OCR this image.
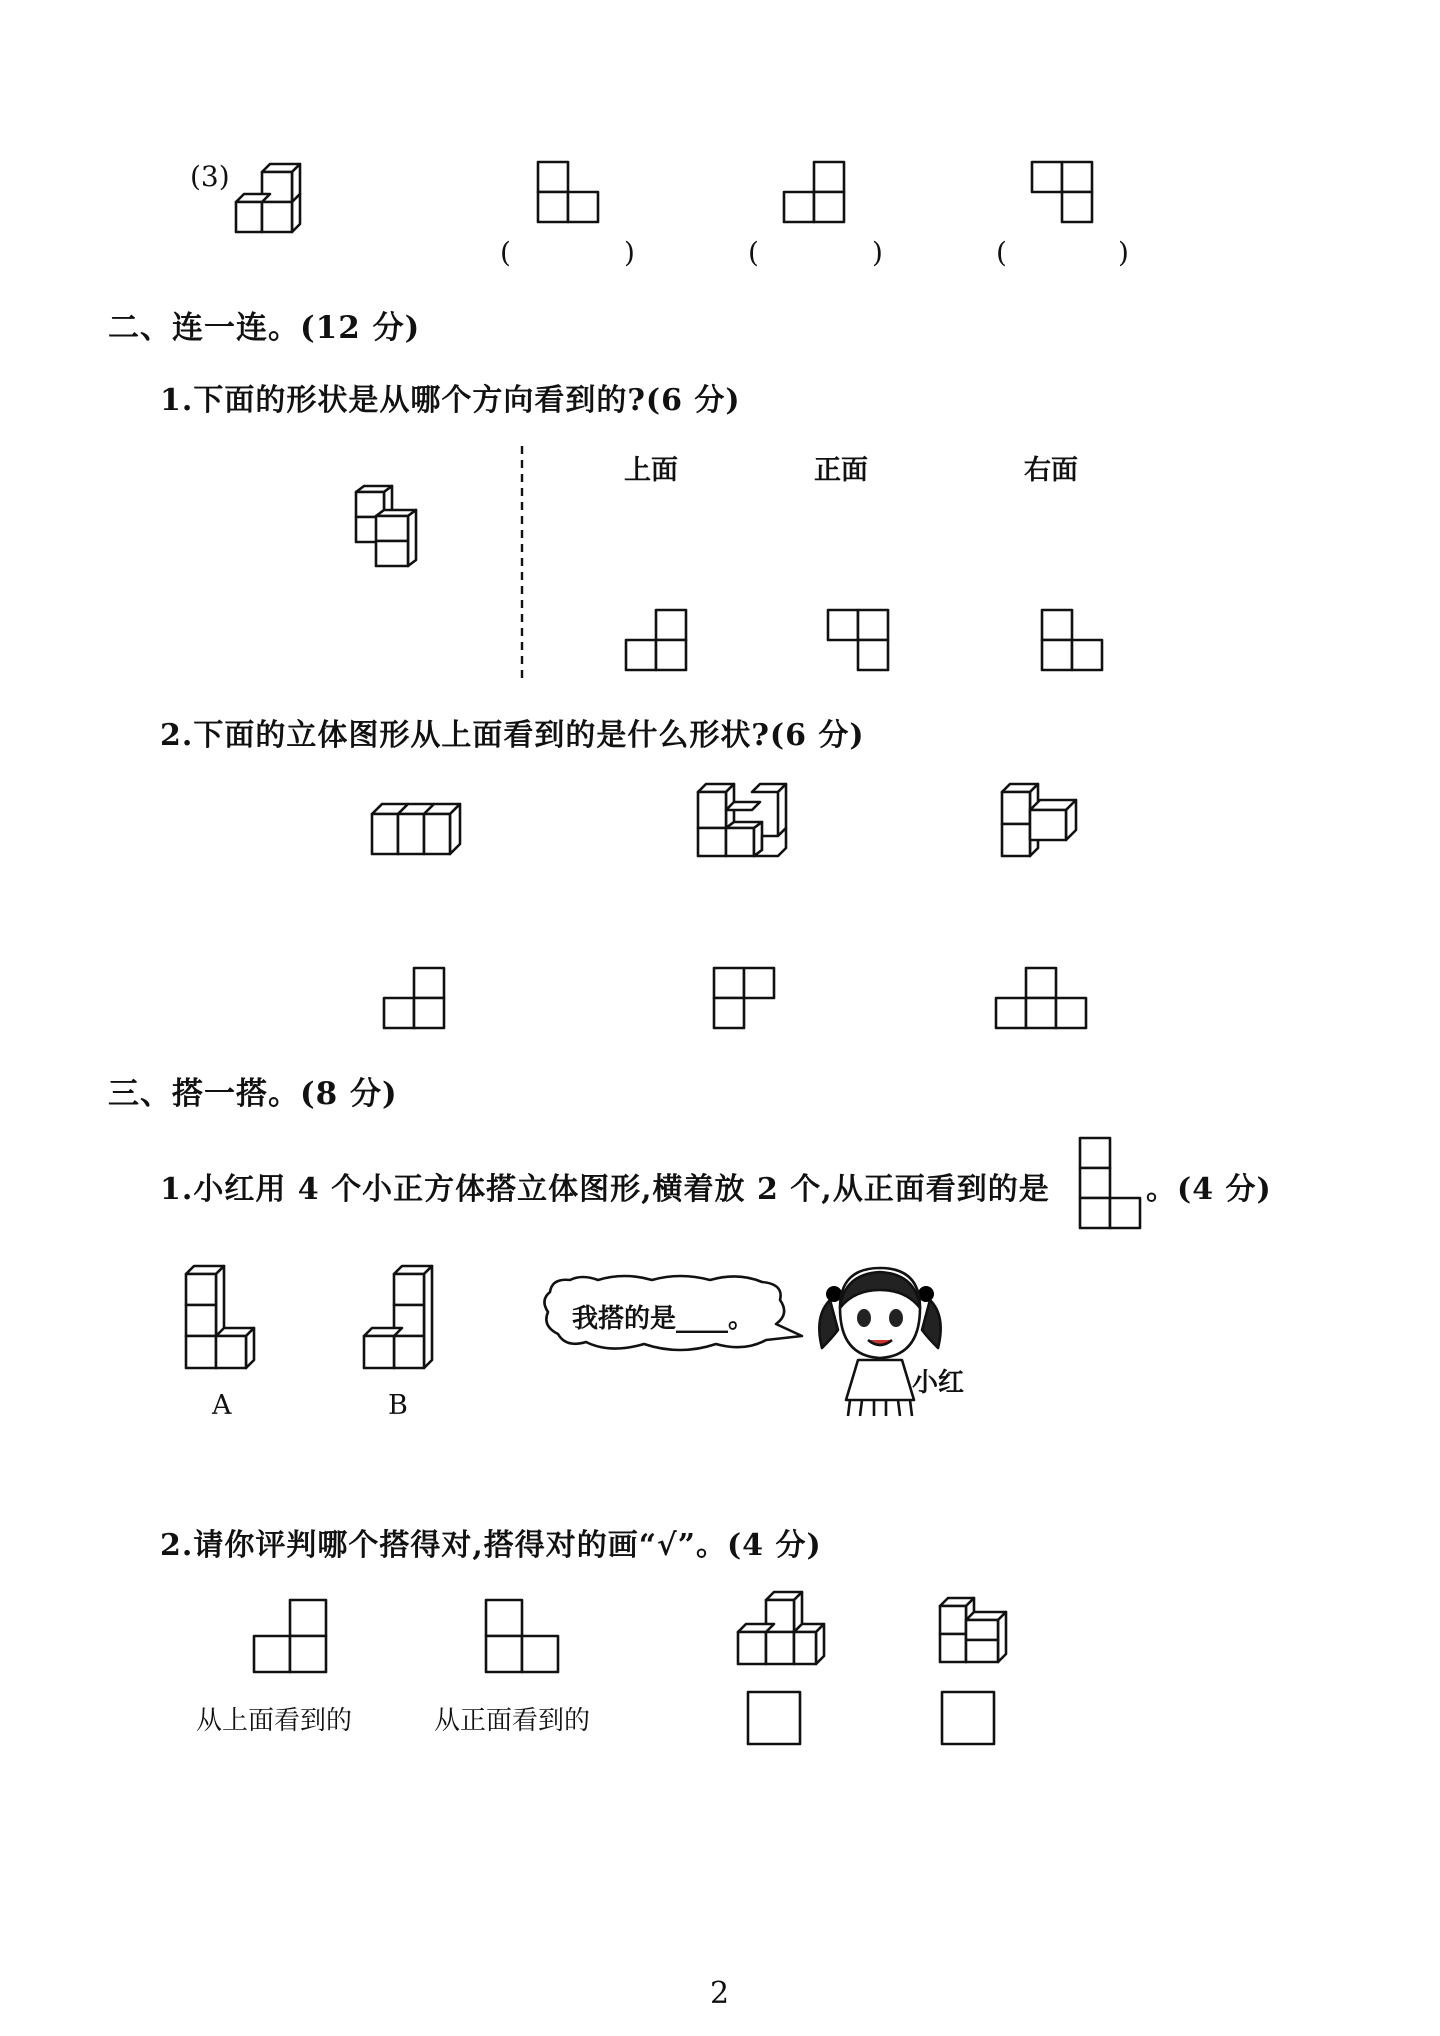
(3)
(	)	(	)	(	)
二、连一连。(12 分)
1.下面的形状是从哪个方向看到的?(6 分)
上面	正面	右面
2.下面的立体图形从上面看到的是什么形状?(6 分)
三、搭一搭。(8 分)
1.小红用 4 个小正方体搭立体图形,横着放 2 个,从正面看到的是	。(4 分)
A	B
我搭的是____。
小红
2.请你评判哪个搭得对,搭得对的画“√”。(4 分)
从上面看到的	从正面看到的
2
